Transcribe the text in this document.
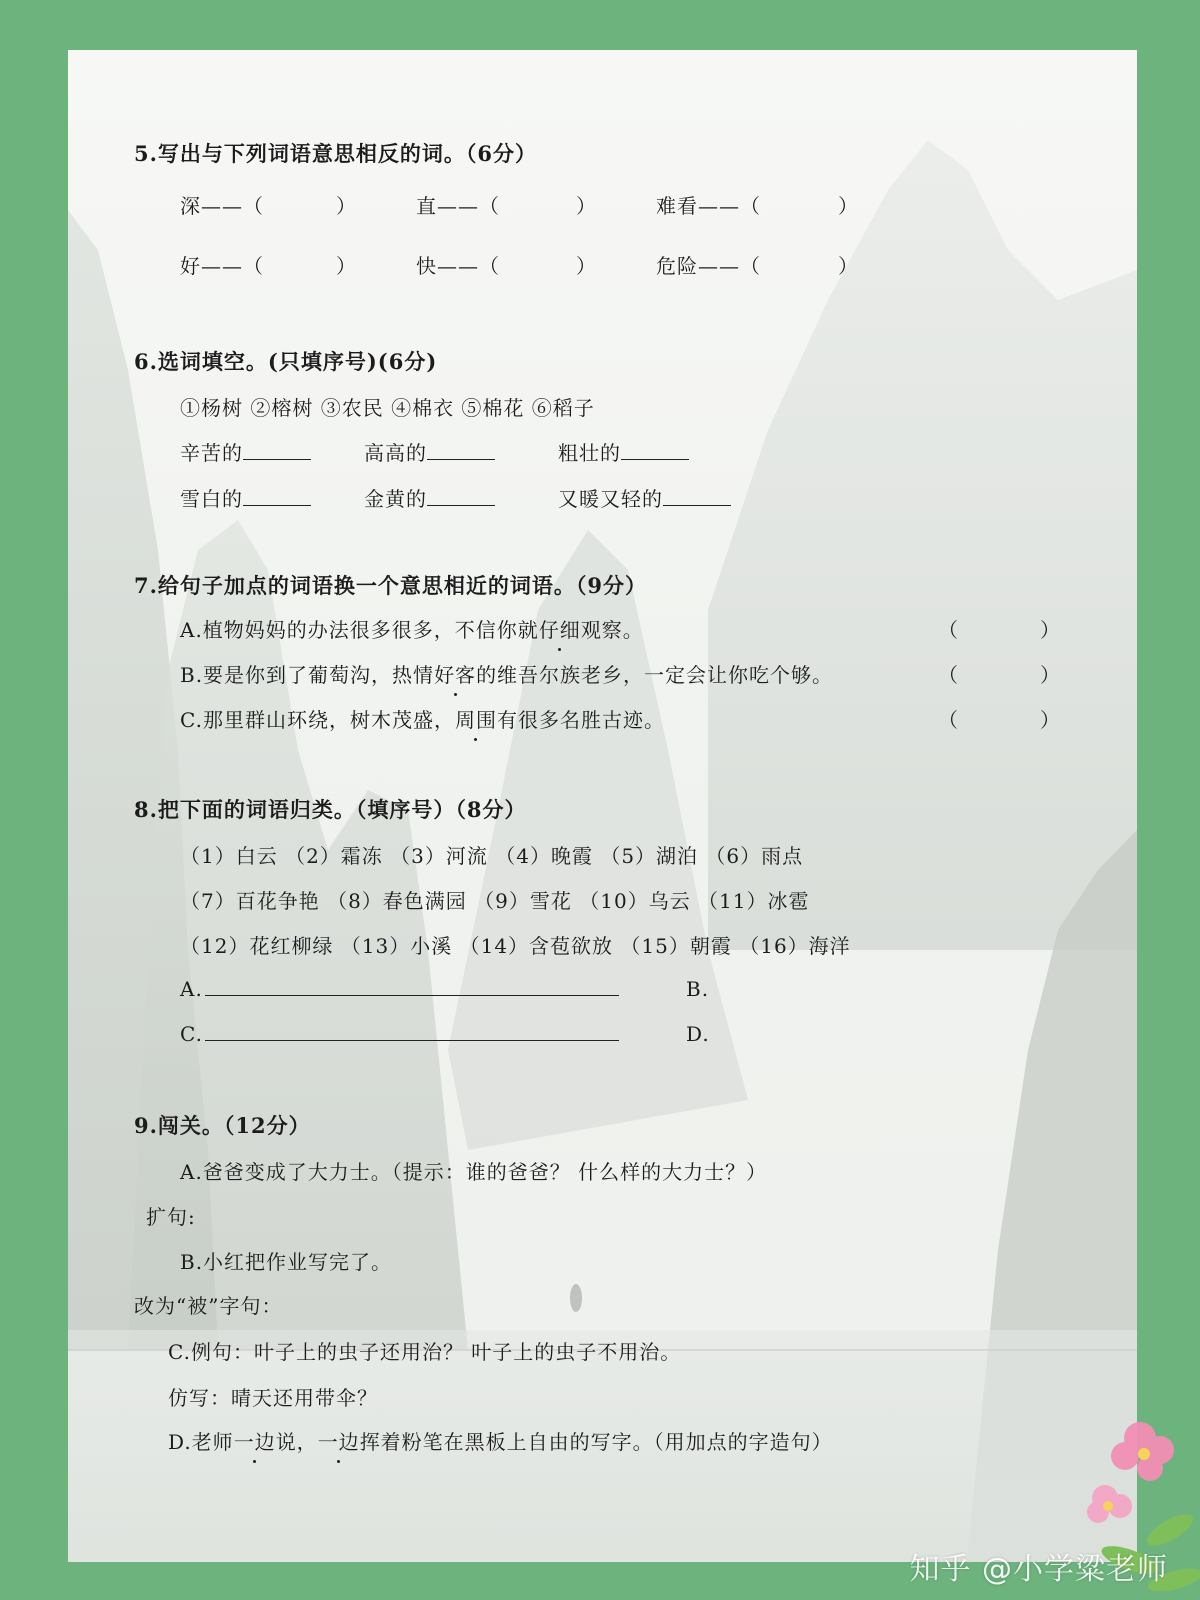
5.写出与下列词语意思相反的词。（6分）
深——（	）	直——（	）	难看——（	）
好——（	）	快——（	）	危险——（	）
6.选词填空。(只填序号)(6分)
①杨树 ②榕树 ③农民 ④棉衣 ⑤棉花 ⑥稻子
辛苦的	高高的	粗壮的
雪白的	金黄的	又暖又轻的
7.给句子加点的词语换一个意思相近的词语。（9分）
A.植物妈妈的办法很多很多，不信你就仔细观察。	（	）
B.要是你到了葡萄沟，热情好客的维吾尔族老乡，一定会让你吃个够。	（	）
C.那里群山环绕，树木茂盛，周围有很多名胜古迹。	（	）
8.把下面的词语归类。（填序号）（8分）
（1）白云 （2）霜冻 （3）河流 （4）晚霞 （5）湖泊 （6）雨点
（7）百花争艳 （8）春色满园 （9）雪花 （10）乌云 （11）冰雹
（12）花红柳绿 （13）小溪 （14）含苞欲放 （15）朝霞 （16）海洋
A.	B.
C.	D.
9.闯关。（12分）
A.爸爸变成了大力士。（提示：谁的爸爸？ 什么样的大力士？）
扩句:
B.小红把作业写完了。
改为“被”字句：
C.例句：叶子上的虫子还用治？ 叶子上的虫子不用治。
仿写：晴天还用带伞？
D.老师一边说，一边挥着粉笔在黑板上自由的写字。（用加点的字造句）
知乎 @小学粱老师
